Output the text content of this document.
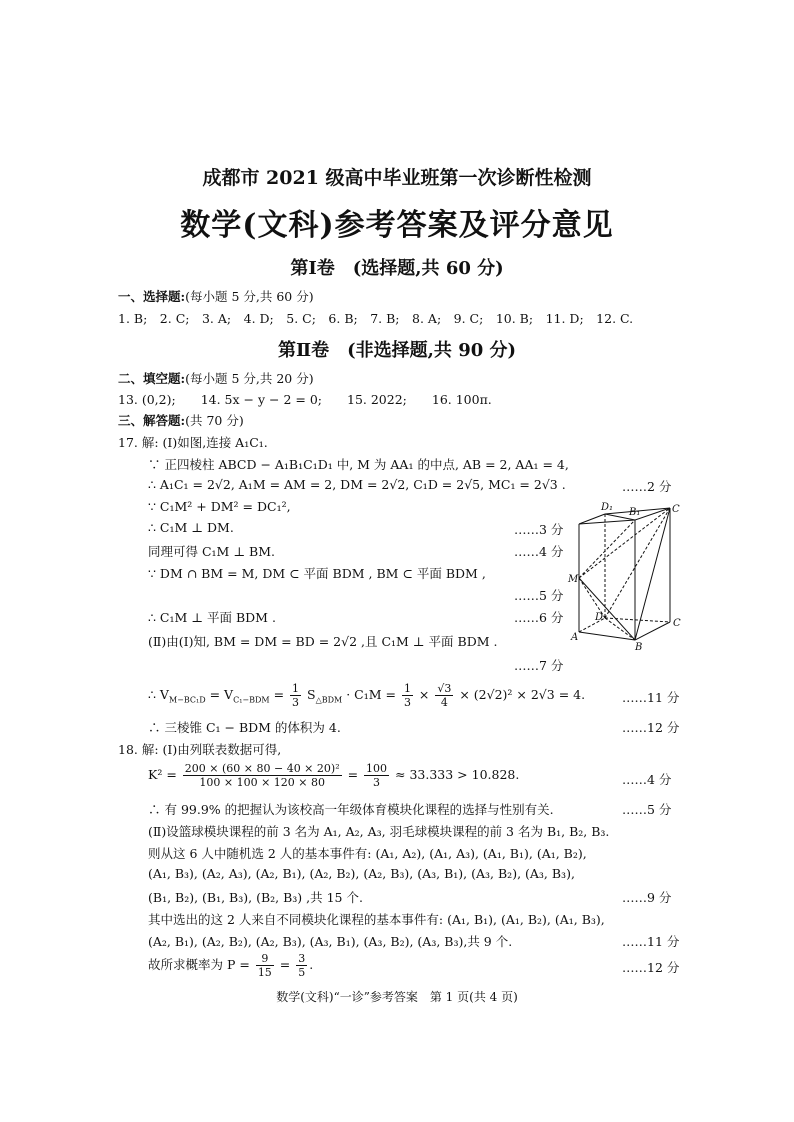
成都市 2021 级高中毕业班第一次诊断性检测
数学(文科)参考答案及评分意见
第Ⅰ卷　(选择题,共 60 分)
一、选择题:(每小题 5 分,共 60 分)
1. B;　2. C;　3. A;　4. D;　5. C;　6. B;　7. B;　8. A;　9. C;　10. B;　11. D;　12. C.
第Ⅱ卷　(非选择题,共 90 分)
二、填空题:(每小题 5 分,共 20 分)
13. (0,2);　　14. 5x − y − 2 = 0;　　15. 2022;　　16. 100π.
三、解答题:(共 70 分)
17. 解: (Ⅰ)如图,连接 A₁C₁.
∵ 正四棱柱 ABCD − A₁B₁C₁D₁ 中, M 为 AA₁ 的中点, AB = 2, AA₁ = 4,
∴ A₁C₁ = 2√2, A₁M = AM = 2, DM = 2√2, C₁D = 2√5, MC₁ = 2√3 .	……2 分
∵ C₁M² + DM² = DC₁²,
∴ C₁M ⊥ DM.	……3 分
同理可得 C₁M ⊥ BM.	……4 分
∵ DM ∩ BM = M, DM ⊂ 平面 BDM , BM ⊂ 平面 BDM ,
……5 分
∴ C₁M ⊥ 平面 BDM .	……6 分
(Ⅱ)由(Ⅰ)知, BM = DM = BD = 2√2 ,且 C₁M ⊥ 平面 BDM .
……7 分
∴ $V_{M-BC_1D} = V_{C_1-BDM} = \frac{1}{3} S_{\triangle BDM} \cdot C_1M = \frac{1}{3} \times \frac{√3}{4} \times (2√2)^2 \times 2√3 = 4$.	……11 分
∴ 三棱锥 C₁ − BDM 的体积为 4.	……12 分
D₁ B₁	C
M
D
A
B
C
18. 解: (Ⅰ)由列联表数据可得,
$K^2 = \frac{\text{200 × (60 × 80 − 40 × 20)²}}{100 \times 100 \times 120 \times 80} = \frac{100}{3} \approx 33.333 > 10.828$.	……4 分
∴ 有 99.9% 的把握认为该校高一年级体育模块化课程的选择与性别有关.	……5 分
(Ⅱ)设篮球模块课程的前 3 名为 A₁, A₂, A₃, 羽毛球模块课程的前 3 名为 B₁, B₂, B₃.
则从这 6 人中随机选 2 人的基本事件有: (A₁, A₂), (A₁, A₃), (A₁, B₁), (A₁, B₂),
(A₁, B₃), (A₂, A₃), (A₂, B₁), (A₂, B₂), (A₂, B₃), (A₃, B₁), (A₃, B₂), (A₃, B₃),
(B₁, B₂), (B₁, B₃), (B₂, B₃) ,共 15 个.	……9 分
其中选出的这 2 人来自不同模块化课程的基本事件有: (A₁, B₁), (A₁, B₂), (A₁, B₃),
(A₂, B₁), (A₂, B₂), (A₂, B₃), (A₃, B₁), (A₃, B₂), (A₃, B₃),共 9 个.	……11 分
故所求概率为 $P = \frac{9}{15} = \frac{3}{5}$ .	……12 分
数学(文科)“一诊”参考答案　第 1 页(共 4 页)
